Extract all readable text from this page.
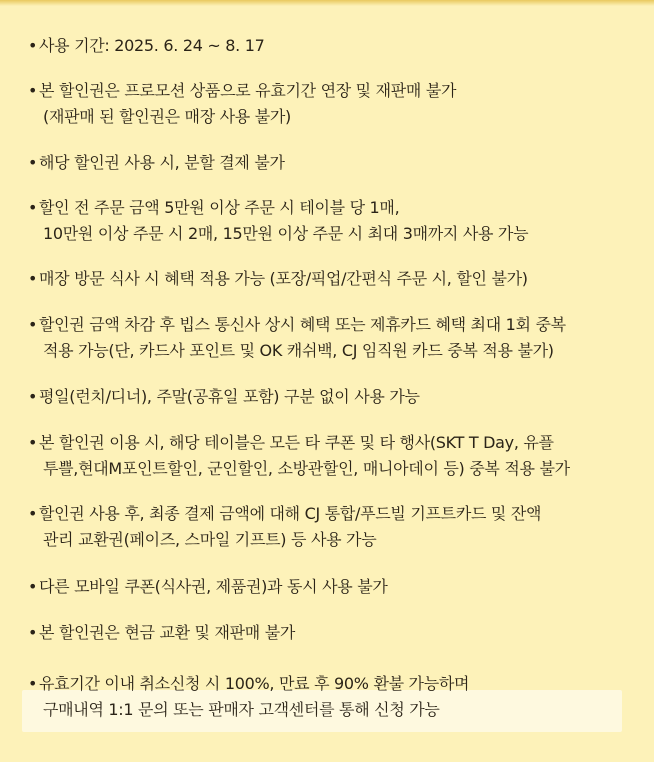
• 사용 기간: 2025. 6. 24 ~ 8. 17
• 본 할인권은 프로모션 상품으로 유효기간 연장 및 재판매 불가
(재판매 된 할인권은 매장 사용 불가)
• 해당 할인권 사용 시, 분할 결제 불가
• 할인 전 주문 금액 5만원 이상 주문 시 테이블 당 1매,
10만원 이상 주문 시 2매, 15만원 이상 주문 시 최대 3매까지 사용 가능
• 매장 방문 식사 시 혜택 적용 가능 (포장/픽업/간편식 주문 시, 할인 불가)
• 할인권 금액 차감 후 빕스 통신사 상시 혜택 또는 제휴카드 혜택 최대 1회 중복
적용 가능(단, 카드사 포인트 및 OK 캐쉬백, CJ 임직원 카드 중복 적용 불가)
• 평일(런치/디너), 주말(공휴일 포함) 구분 없이 사용 가능
• 본 할인권 이용 시, 해당 테이블은 모든 타 쿠폰 및 타 행사(SKT T Day, 유플
투쁠,현대M포인트할인, 군인할인, 소방관할인, 매니아데이 등) 중복 적용 불가
• 할인권 사용 후, 최종 결제 금액에 대해 CJ 통합/푸드빌 기프트카드 및 잔액
관리 교환권(페이즈, 스마일 기프트) 등 사용 가능
• 다른 모바일 쿠폰(식사권, 제품권)과 동시 사용 불가
• 본 할인권은 현금 교환 및 재판매 불가
• 유효기간 이내 취소신청 시 100%, 만료 후 90% 환불 가능하며
구매내역 1:1 문의 또는 판매자 고객센터를 통해 신청 가능
